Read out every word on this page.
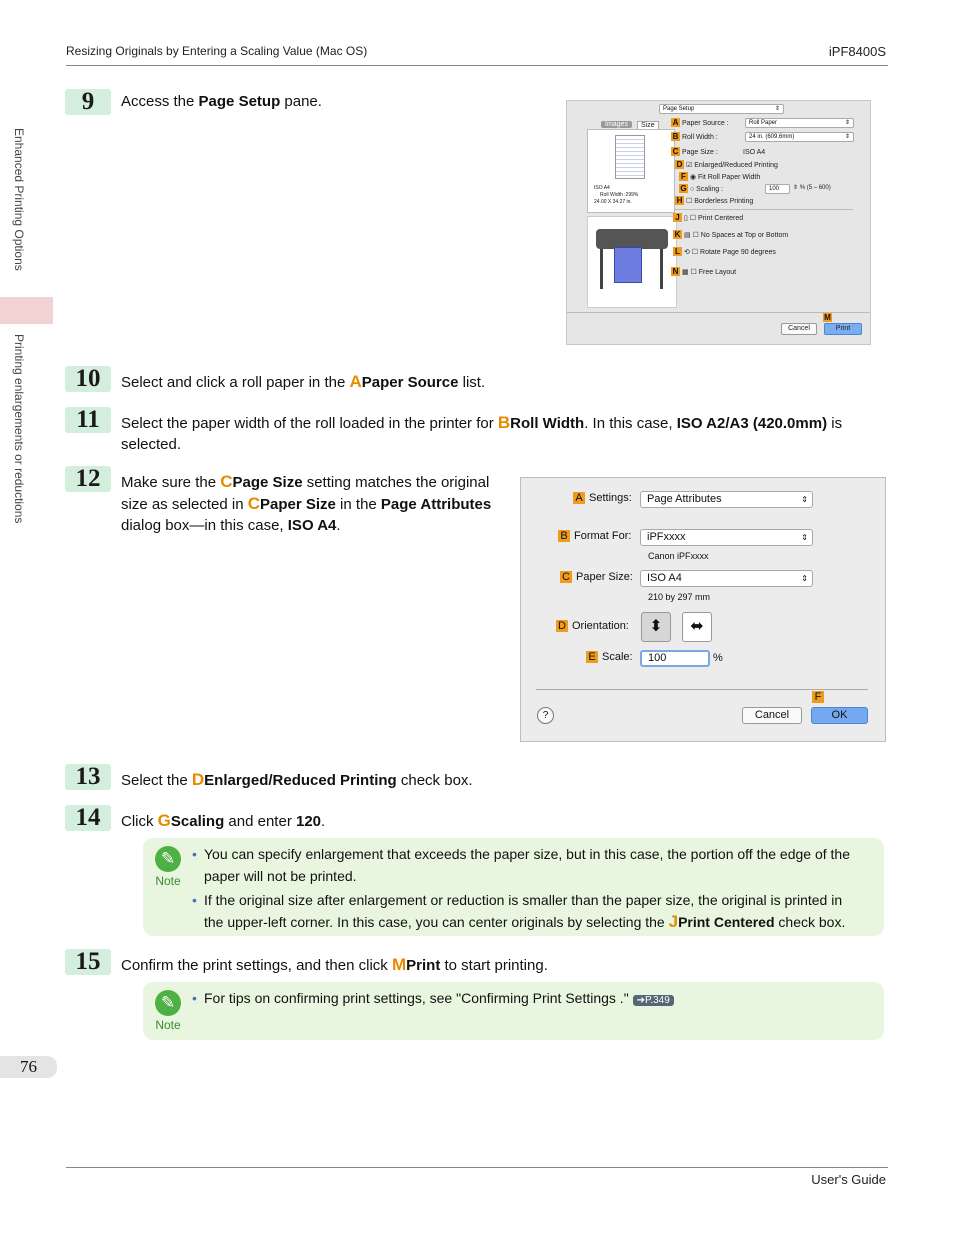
Resizing Originals by Entering a Scaling Value (Mac OS)	iPF8400S
Enhanced Printing Options
Printing enlargements or reductions
9	Access the Page Setup pane.	Page Setup	⇕
Images	Size
ISO A4
Roll Width :299%
24.00 X 34.27 in.
A Paper Source :	Roll Paper	⇕
B Roll Width :	24 in. (609.6mm)	⇕
C Page Size :	ISO A4
D ☑ Enlarged/Reduced Printing
F ◉ Fit Roll Paper Width
G ○ Scaling :	100	⇕ % (5 – 600)
H ☐ Borderless Printing
J ▯ ☐ Print Centered
K ▤ ☐ No Spaces at Top or Bottom
L ⟲ ☐ Rotate Page 90 degrees
N ▦ ☐ Free Layout
M
Cancel	Print
10	Select and click a roll paper in the APaper Source list.
11	Select the paper width of the roll loaded in the printer for BRoll Width. In this case, ISO A2/A3 (420.0mm) is selected.
12	Make sure the CPage Size setting matches the original size as selected in CPaper Size in the Page Attributes dialog box—in this case, ISO A4.
A Settings:	Page Attributes	⇕
B Format For:	iPFxxxx	⇕
Canon iPFxxxx
C Paper Size:	ISO A4	⇕
210 by 297 mm
D Orientation:	⬍	⬌
E Scale:	100	%
F
?	Cancel	OK
13	Select the DEnlarged/Reduced Printing check box.
14	Click GScaling and enter 120.
✎
Note
• You can specify enlargement that exceeds the paper size, but in this case, the portion off the edge of the paper will not be printed.
• If the original size after enlargement or reduction is smaller than the paper size, the original is printed in the upper-left corner. In this case, you can center originals by selecting the JPrint Centered check box.
15	Confirm the print settings, and then click MPrint to start printing.
✎
Note
• For tips on confirming print settings, see "Confirming Print Settings ." ➔P.349
76
User's Guide
